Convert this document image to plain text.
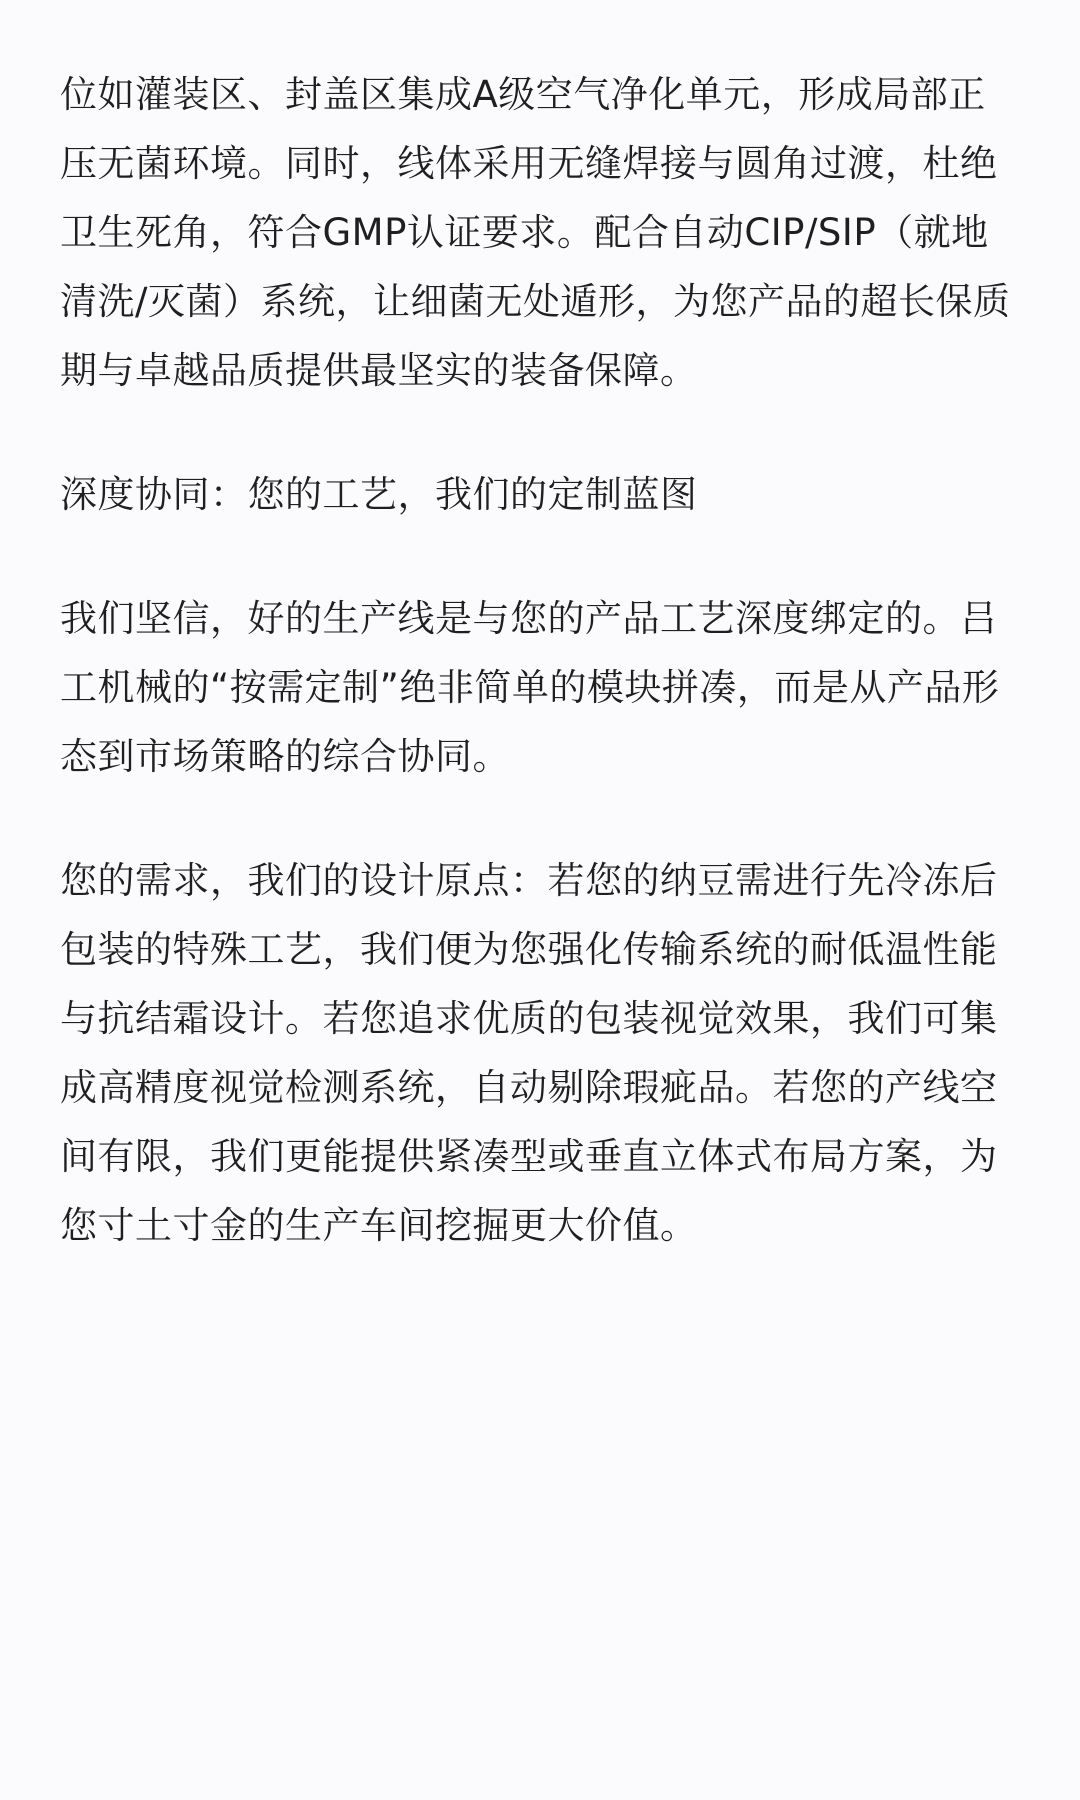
位如灌装区、封盖区集成A级空气净化单元，形成局部正压无菌环境。同时，线体采用无缝焊接与圆角过渡，杜绝卫生死角，符合GMP认证要求。配合自动CIP/SIP（就地清洗/灭菌）系统，让细菌无处遁形，为您产品的超长保质期与卓越品质提供最坚实的装备保障。

深度协同：您的工艺，我们的定制蓝图

我们坚信，好的生产线是与您的产品工艺深度绑定的。吕工机械的“按需定制”绝非简单的模块拼凑，而是从产品形态到市场策略的综合协同。

您的需求，我们的设计原点：若您的纳豆需进行先冷冻后包装的特殊工艺，我们便为您强化传输系统的耐低温性能与抗结霜设计。若您追求优质的包装视觉效果，我们可集成高精度视觉检测系统，自动剔除瑕疵品。若您的产线空间有限，我们更能提供紧凑型或垂直立体式布局方案，为您寸土寸金的生产车间挖掘更大价值。
